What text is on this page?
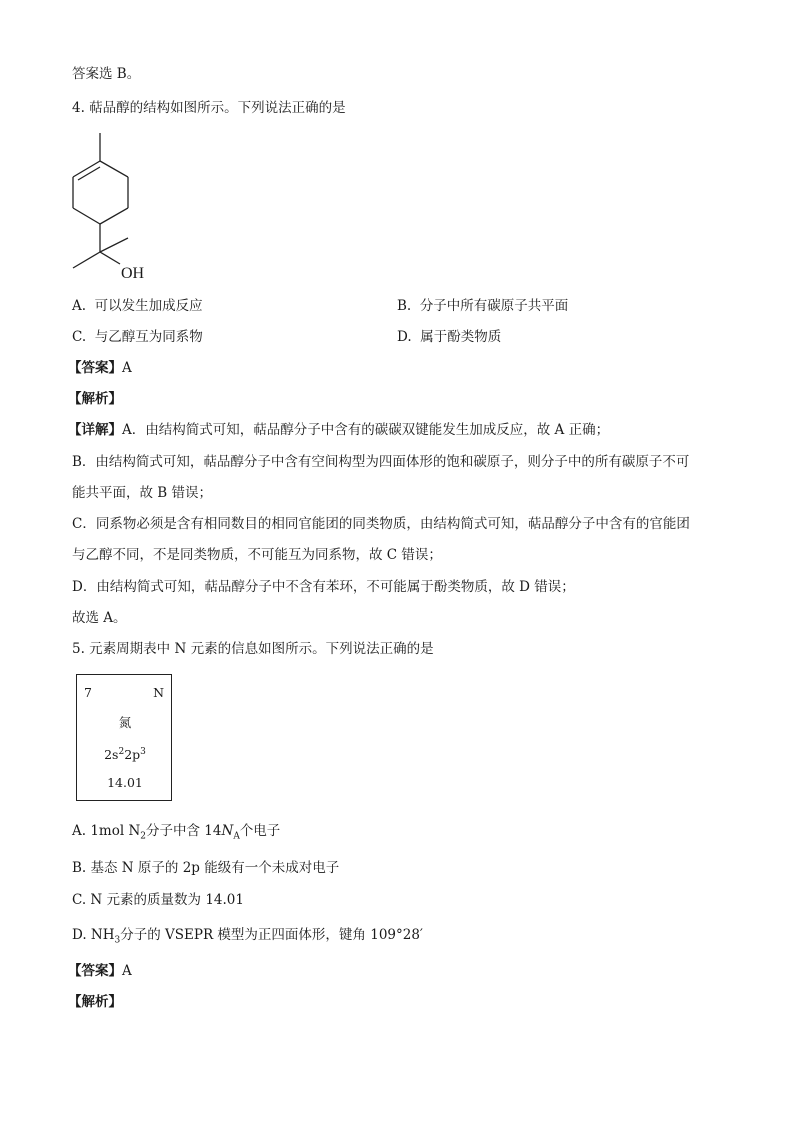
答案选 B。
4. 萜品醇的结构如图所示。下列说法正确的是
OH
A. 可以发生加成反应	B. 分子中所有碳原子共平面
C. 与乙醇互为同系物	D. 属于酚类物质
【答案】A
【解析】
【详解】A．由结构简式可知，萜品醇分子中含有的碳碳双键能发生加成反应，故 A 正确；
B．由结构简式可知，萜品醇分子中含有空间构型为四面体形的饱和碳原子，则分子中的所有碳原子不可
能共平面，故 B 错误；
C．同系物必须是含有相同数目的相同官能团的同类物质，由结构简式可知，萜品醇分子中含有的官能团
与乙醇不同，不是同类物质，不可能互为同系物，故 C 错误；
D．由结构简式可知，萜品醇分子中不含有苯环，不可能属于酚类物质，故 D 错误；
故选 A。
5. 元素周期表中 N 元素的信息如图所示。下列说法正确的是
7	N
氮
$2s^22p^3$
14.01
A. 1mol $N_2$分子中含 $14N_A$个电子
B. 基态 N 原子的 2p 能级有一个未成对电子
C. N 元素的质量数为 14.01
D. $NH_3$分子的 VSEPR 模型为正四面体形，键角 109°28′
【答案】A
【解析】
